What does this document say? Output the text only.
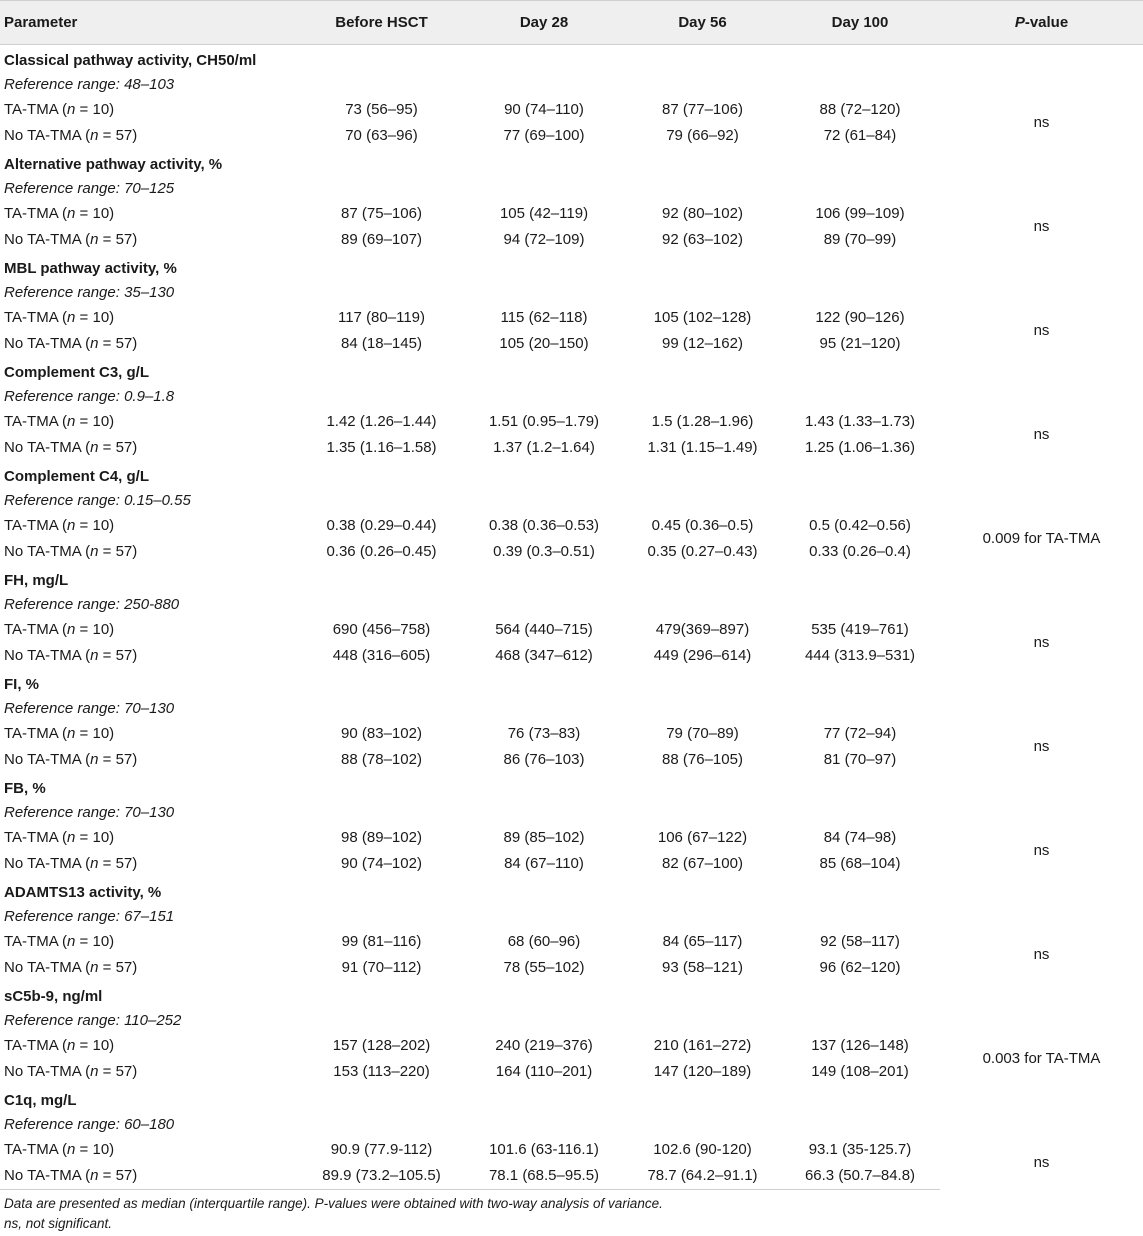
Parameter	Before HSCT	Day 28	Day 56	Day 100	P-value
Classical pathway activity, CH50/ml					
Reference range: 48–103					
TA-TMA (n = 10)	73 (56–95)	90 (74–110)	87 (77–106)	88 (72–120)	ns
No TA-TMA (n = 57)	70 (63–96)	77 (69–100)	79 (66–92)	72 (61–84)	
Alternative pathway activity, %					
Reference range: 70–125					
TA-TMA (n = 10)	87 (75–106)	105 (42–119)	92 (80–102)	106 (99–109)	ns
No TA-TMA (n = 57)	89 (69–107)	94 (72–109)	92 (63–102)	89 (70–99)	
MBL pathway activity, %					
Reference range: 35–130					
TA-TMA (n = 10)	117 (80–119)	115 (62–118)	105 (102–128)	122 (90–126)	ns
No TA-TMA (n = 57)	84 (18–145)	105 (20–150)	99 (12–162)	95 (21–120)	
Complement C3, g/L					
Reference range: 0.9–1.8					
TA-TMA (n = 10)	1.42 (1.26–1.44)	1.51 (0.95–1.79)	1.5 (1.28–1.96)	1.43 (1.33–1.73)	ns
No TA-TMA (n = 57)	1.35 (1.16–1.58)	1.37 (1.2–1.64)	1.31 (1.15–1.49)	1.25 (1.06–1.36)	
Complement C4, g/L					
Reference range: 0.15–0.55					
TA-TMA (n = 10)	0.38 (0.29–0.44)	0.38 (0.36–0.53)	0.45 (0.36–0.5)	0.5 (0.42–0.56)	0.009 for TA-TMA
No TA-TMA (n = 57)	0.36 (0.26–0.45)	0.39 (0.3–0.51)	0.35 (0.27–0.43)	0.33 (0.26–0.4)	
FH, mg/L					
Reference range: 250-880					
TA-TMA (n = 10)	690 (456–758)	564 (440–715)	479(369–897)	535 (419–761)	ns
No TA-TMA (n = 57)	448 (316–605)	468 (347–612)	449 (296–614)	444 (313.9–531)	
FI, %					
Reference range: 70–130					
TA-TMA (n = 10)	90 (83–102)	76 (73–83)	79 (70–89)	77 (72–94)	ns
No TA-TMA (n = 57)	88 (78–102)	86 (76–103)	88 (76–105)	81 (70–97)	
FB, %					
Reference range: 70–130					
TA-TMA (n = 10)	98 (89–102)	89 (85–102)	106 (67–122)	84 (74–98)	ns
No TA-TMA (n = 57)	90 (74–102)	84 (67–110)	82 (67–100)	85 (68–104)	
ADAMTS13 activity, %					
Reference range: 67–151					
TA-TMA (n = 10)	99 (81–116)	68 (60–96)	84 (65–117)	92 (58–117)	ns
No TA-TMA (n = 57)	91 (70–112)	78 (55–102)	93 (58–121)	96 (62–120)	
sC5b-9, ng/ml					
Reference range: 110–252					
TA-TMA (n = 10)	157 (128–202)	240 (219–376)	210 (161–272)	137 (126–148)	0.003 for TA-TMA
No TA-TMA (n = 57)	153 (113–220)	164 (110–201)	147 (120–189)	149 (108–201)	
C1q, mg/L					
Reference range: 60–180					
TA-TMA (n = 10)	90.9 (77.9-112)	101.6 (63-116.1)	102.6 (90-120)	93.1 (35-125.7)	ns
No TA-TMA (n = 57)	89.9 (73.2–105.5)	78.1 (68.5–95.5)	78.7 (64.2–91.1)	66.3 (50.7–84.8)	
Data are presented as median (interquartile range). P-values were obtained with two-way analysis of variance.
ns, not significant.
